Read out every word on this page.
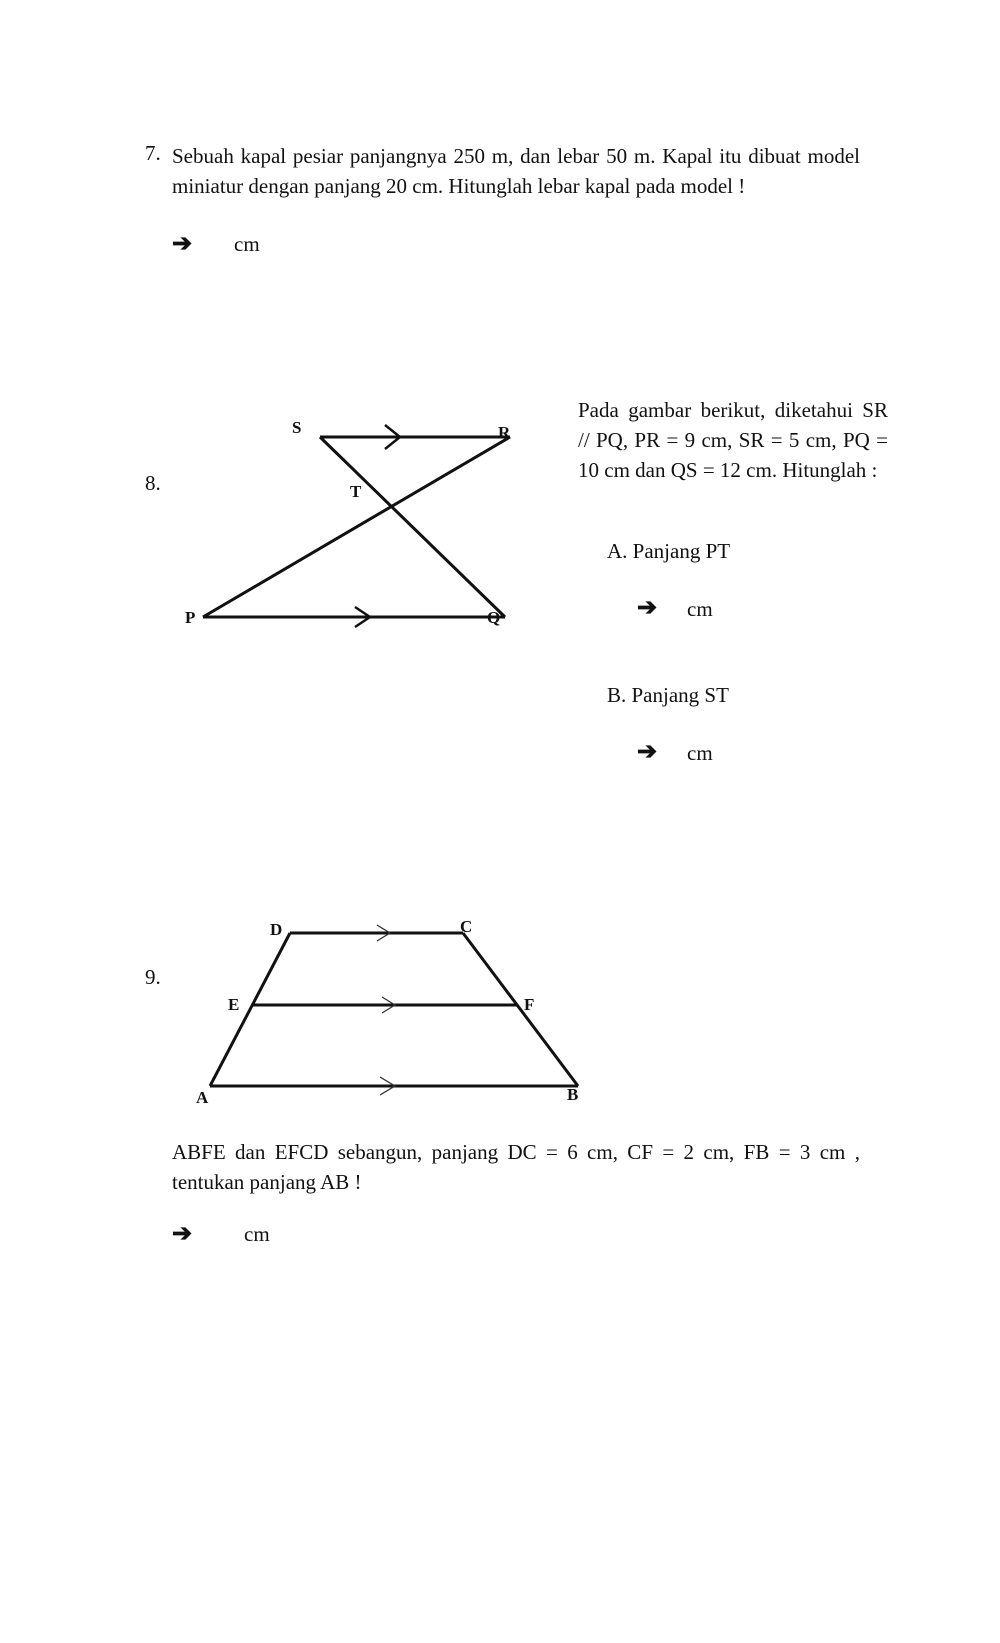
7. Sebuah kapal pesiar panjangnya 250 m, dan lebar 50 m. Kapal itu dibuat model miniatur dengan panjang 20 cm. Hitunglah lebar kapal pada model !
➔ cm
8.
S	R
T
P	Q
Pada gambar berikut, diketahui SR // PQ, PR = 9 cm, SR = 5 cm, PQ = 10 cm dan QS = 12 cm. Hitunglah :
A. Panjang PT
➔ cm
B. Panjang ST
➔ cm
9.
D	C
E	F
A	B
ABFE dan EFCD sebangun, panjang DC = 6 cm, CF = 2 cm, FB = 3 cm , tentukan panjang AB !
➔ cm
